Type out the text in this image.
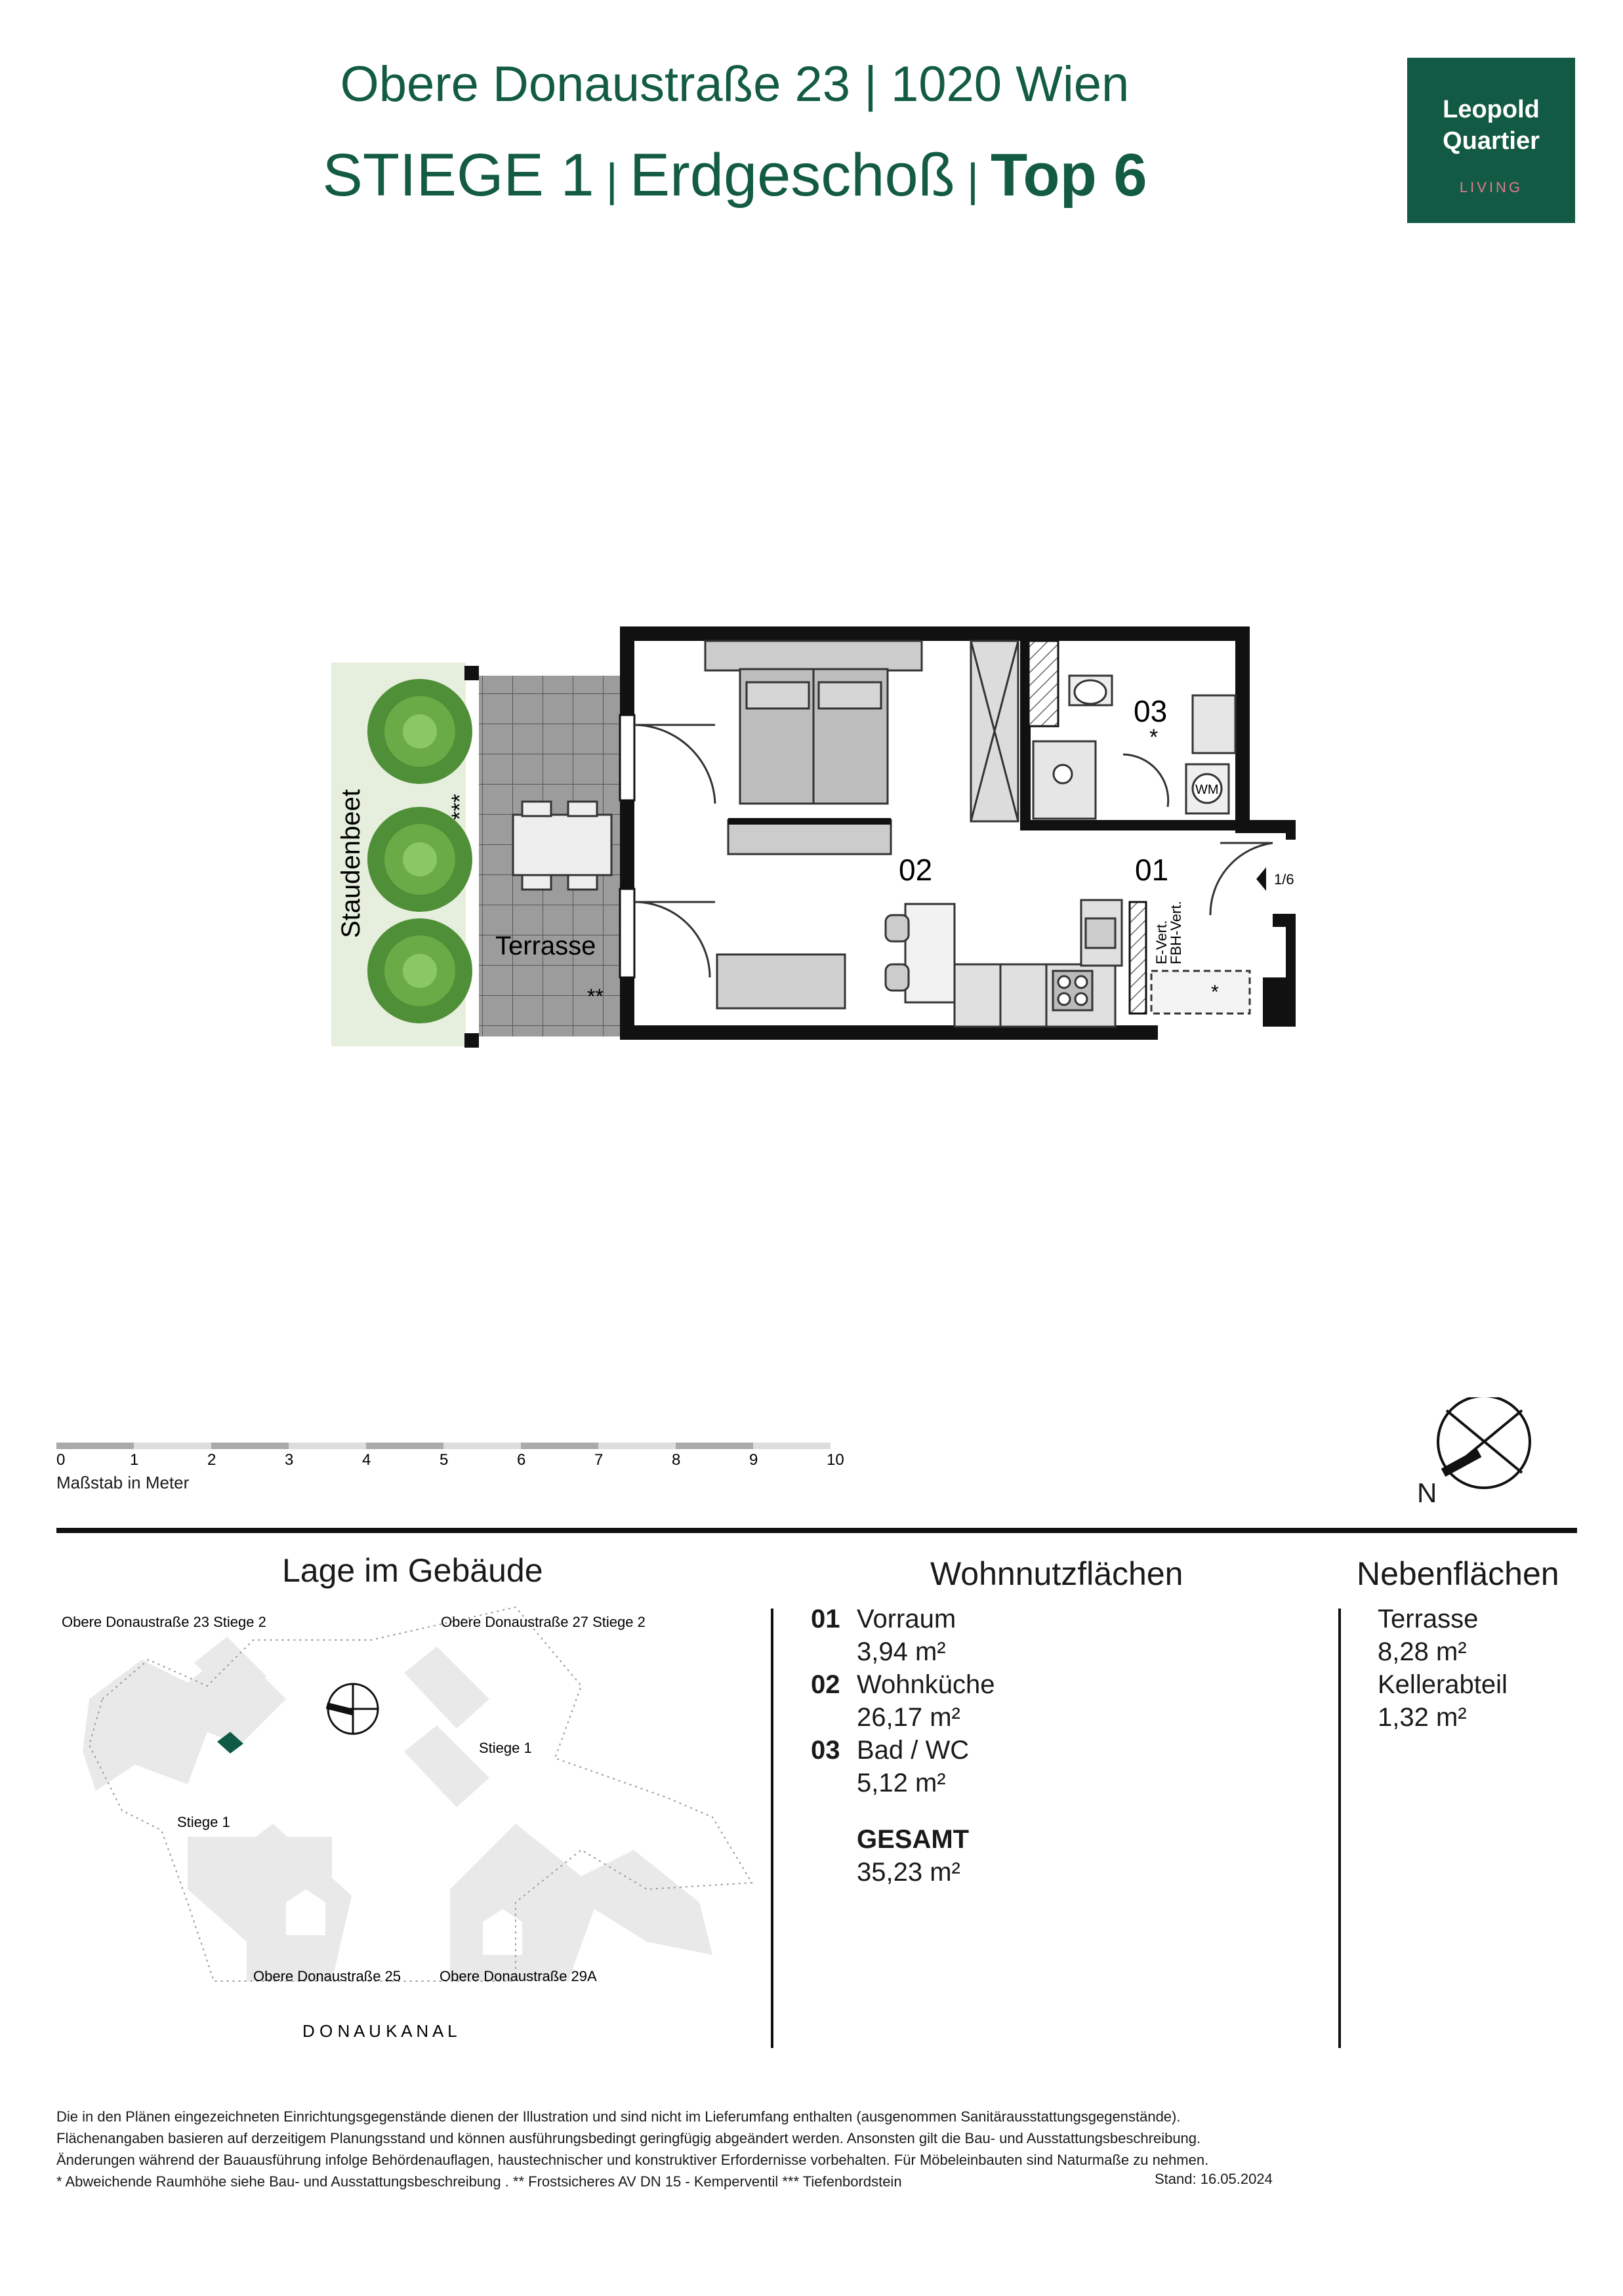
Obere Donaustraße 23 | 1020 Wien
STIEGE 1 | Erdgeschoß | Top 6
Leopold
Quartier
LIVING
Staudenbeet	***
Terrasse
**
02
WM
03
*
01	1/6
E-Vert.
FBH-Vert.
*
0	1	2	3	4	5	6	7	8	9	10
Maßstab in Meter	N
Lage im Gebäude
Obere Donaustraße 23 Stiege 2	Obere Donaustraße 27 Stiege 2
Stiege 1
Stiege 1
Obere Donaustraße 25	Obere Donaustraße 29A
D O N A U K A N A L
Wohnnutzflächen
01 Vorraum
3,94 m²
02 Wohnküche
26,17 m²
03 Bad / WC
5,12 m²
GESAMT
35,23 m²
Nebenflächen
Terrasse
8,28 m²
Kellerabteil
1,32 m²
Die in den Plänen eingezeichneten Einrichtungsgegenstände dienen der Illustration und sind nicht im Lieferumfang enthalten (ausgenommen Sanitärausstattungsgegenstände).
Flächenangaben basieren auf derzeitigem Planungsstand und können ausführungsbedingt geringfügig abgeändert werden. Ansonsten gilt die Bau- und Ausstattungsbeschreibung.
Änderungen während der Bauausführung infolge Behördenauflagen, haustechnischer und konstruktiver Erfordernisse vorbehalten. Für Möbeleinbauten sind Naturmaße zu nehmen.
* Abweichende Raumhöhe siehe Bau- und Ausstattungsbeschreibung . ** Frostsicheres AV DN 15 - Kemperventil *** Tiefenbordstein	Stand: 16.05.2024
